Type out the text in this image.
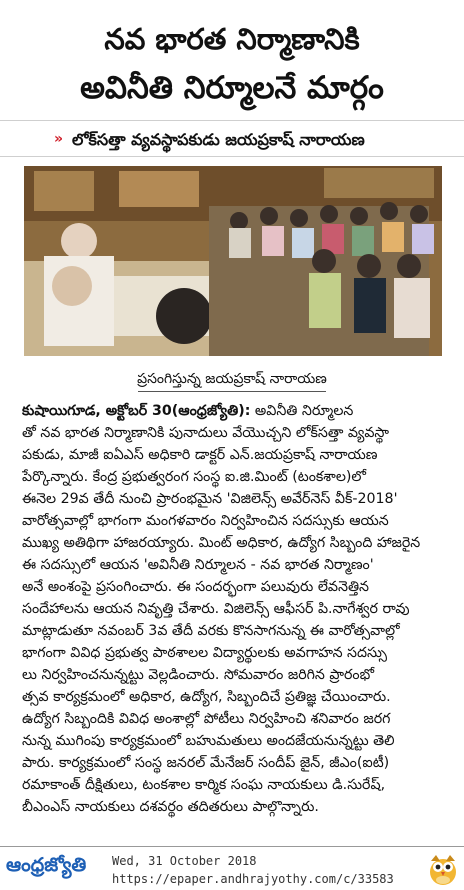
నవ భారత నిర్మాణానికి
అవినీతి నిర్మూలనే మార్గం
» లోక్‌సత్తా వ్యవస్థాపకుడు జయప్రకాష్ నారాయణ
ప్రసంగిస్తున్న జయప్రకాష్ నారాయణ
కుషాయిగూడ, అక్టోబర్ 30(ఆంధ్రజ్యోతి): అవినీతి నిర్మూలన
తో నవ భారత నిర్మాణానికి పునాదులు వేయొచ్చని లోక్‌సత్తా వ్యవస్థా
పకుడు, మాజీ ఐఏఎస్ అధికారి డాక్టర్ ఎన్.జయప్రకాష్ నారాయణ
పేర్కొన్నారు. కేంద్ర ప్రభుత్వరంగ సంస్థ ఐ.జి.మింట్ (టంకశాల)లో
ఈనెల 29వ తేదీ నుంచి ప్రారంభమైన 'విజిలెన్స్ అవేర్‌నెస్ వీక్-2018'
వారోత్సవాల్లో భాగంగా మంగళవారం నిర్వహించిన సదస్సుకు ఆయన
ముఖ్య అతిథిగా హాజరయ్యారు. మింట్ అధికార, ఉద్యోగ సిబ్బంది హాజరైన
ఈ సదస్సులో ఆయన 'అవినీతి నిర్మూలన - నవ భారత నిర్మాణం'
అనే అంశంపై ప్రసంగించారు. ఈ సందర్భంగా పలువురు లేవనెత్తిన
సందేహాలను ఆయన నివృత్తి చేశారు. విజిలెన్స్ ఆఫీసర్ పి.నాగేశ్వర రావు
మాట్లాడుతూ నవంబర్ 3వ తేదీ వరకు కొనసాగనున్న ఈ వారోత్సవాల్లో
భాగంగా వివిధ ప్రభుత్వ పాఠశాలల విద్యార్థులకు అవగాహన సదస్సు
లు నిర్వహించనున్నట్టు వెల్లడించారు. సోమవారం జరిగిన ప్రారంభో
త్సవ కార్యక్రమంలో అధికార, ఉద్యోగ, సిబ్బందిచే ప్రతిజ్ఞ చేయించారు.
ఉద్యోగ సిబ్బందికి వివిధ అంశాల్లో పోటీలు నిర్వహించి శనివారం జరగ
నున్న ముగింపు కార్యక్రమంలో బహుమతులు అందజేయనున్నట్టు తెలి
పారు. కార్యక్రమంలో సంస్థ జనరల్ మేనేజర్ సందీప్ జైన్, జీఎం(ఐటీ)
రమాకాంత్ దీక్షితులు, టంకశాల కార్మిక సంఘ నాయకులు డి.సురేష్,
బీఎంఎస్ నాయకులు దశవర్థం తదితరులు పాల్గొన్నారు.
ఆంధ్రజ్యోతి Wed, 31 October 2018
https://epaper.andhrajyothy.com/c/33583
